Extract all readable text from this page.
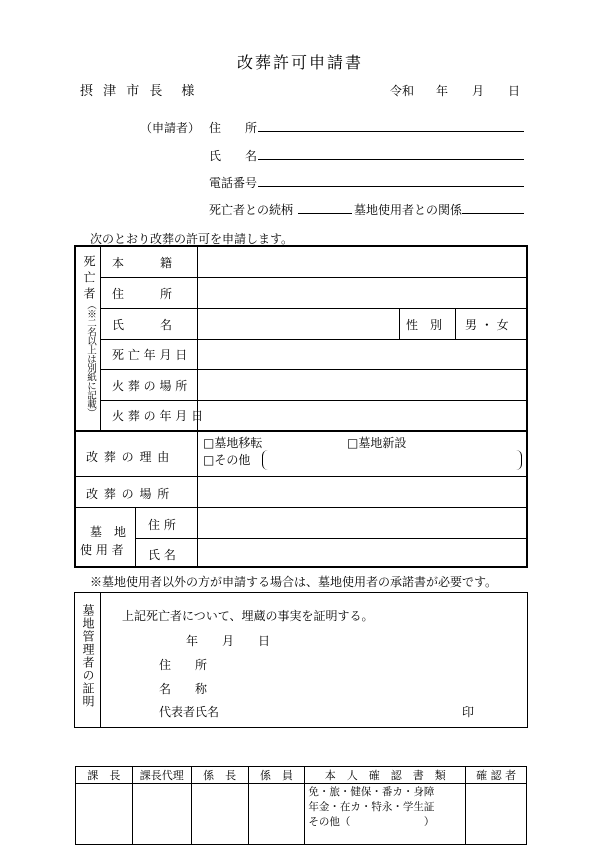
改葬許可申請書
摂 津 市 長　様	令和 年 月 日
（申請者） 住　　所
氏　　名
電話番号
死亡者との続柄	墓地使用者との関係
次のとおり改葬の許可を申請します。
死亡者
（※二名以上は別紙に記載）
本　　　籍
住　　　所
氏　　　名	性　別 男 ・ 女
死 亡 年 月 日
火 葬 の 場 所
火 葬 の 年 月 日
改 葬 の 理 由
□墓地移転	□墓地新設
□その他
改 葬 の 場 所
墓　地
使 用 者
住 所
氏 名
※墓地使用者以外の方が申請する場合は、墓地使用者の承諾書が必要です。
墓地管理者の証明 上記死亡者について、埋蔵の事実を証明する。
年 月 日
住　　所
名　　称
代表者氏名	印
課　長	課長代理	係　長	係　員	本　人　確　認　書　類	確 認 者

				免・旅・健保・番カ・身障
年金・在カ・特永・学生証
その他（　　　　　　　）	
